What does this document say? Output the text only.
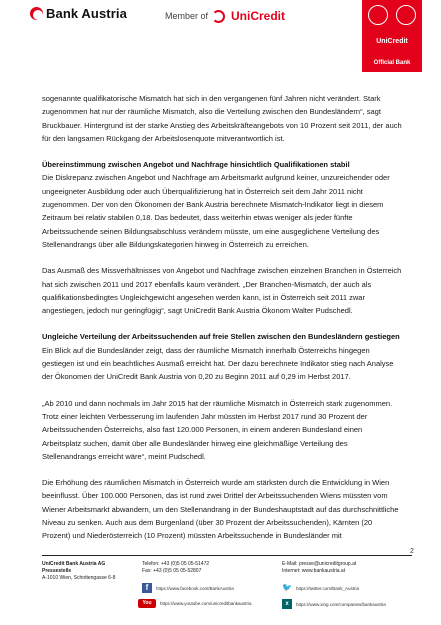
Bank Austria	Member of UniCredit
UniCredit
Official Bank

sogenannte qualifikatorische Mismatch hat sich in den vergangenen fünf Jahren nicht verändert. Stark zugenommen hat nur der räumliche Mismatch, also die Verteilung zwischen den Bundesländern“, sagt Bruckbauer. Hintergrund ist der starke Anstieg des Arbeitskräfteangebots von 10 Prozent seit 2011, der auch für den langsamen Rückgang der Arbeitslosenquote mitverantwortlich ist.

Übereinstimmung zwischen Angebot und Nachfrage hinsichtlich Qualifikationen stabil

Die Diskrepanz zwischen Angebot und Nachfrage am Arbeitsmarkt aufgrund keiner, unzureichender oder ungeeigneter Ausbildung oder auch Überqualifizierung hat in Österreich seit dem Jahr 2011 nicht zugenommen. Der von den Ökonomen der Bank Austria berechnete Mismatch-Indikator liegt in diesem Zeitraum bei relativ stabilen 0,18. Das bedeutet, dass weiterhin etwas weniger als jeder fünfte Arbeitssuchende seinen Bildungsabschluss verändern müsste, um eine ausgeglichene Verteilung des Stellenandrangs über alle Bildungskategorien hinweg in Österreich zu erreichen.

Das Ausmaß des Missverhältnisses von Angebot und Nachfrage zwischen einzelnen Branchen in Österreich hat sich zwischen 2011 und 2017 ebenfalls kaum verändert. „Der Branchen-Mismatch, der auch als qualifikationsbedingtes Ungleichgewicht angesehen werden kann, ist in Österreich seit 2011 zwar angestiegen, jedoch nur geringfügig“, sagt UniCredit Bank Austria Ökonom Walter Pudschedl.

Ungleiche Verteilung der Arbeitssuchenden auf freie Stellen zwischen den Bundesländern gestiegen

Ein Blick auf die Bundesländer zeigt, dass der räumliche Mismatch innerhalb Österreichs hingegen gestiegen ist und ein beachtliches Ausmaß erreicht hat. Der dazu berechnete Indikator stieg nach Analyse der Ökonomen der UniCredit Bank Austria von 0,20 zu Beginn 2011 auf 0,29 im Herbst 2017.

„Ab 2010 und dann nochmals im Jahr 2015 hat der räumliche Mismatch in Österreich stark zugenommen. Trotz einer leichten Verbesserung im laufenden Jahr müssten im Herbst 2017 rund 30 Prozent der Arbeitssuchenden Österreichs, also fast 120.000 Personen, in einem anderen Bundesland einen Arbeitsplatz suchen, damit über alle Bundesländer hinweg eine gleichmäßige Verteilung des Stellenandrangs erreicht wäre“, meint Pudschedl.

Die Erhöhung des räumlichen Mismatch in Österreich wurde am stärksten durch die Entwicklung in Wien beeinflusst. Über 100.000 Personen, das ist rund zwei Drittel der Arbeitssuchenden Wiens müssten vom Wiener Arbeitsmarkt abwandern, um den Stellenandrang in der Bundeshauptstadt auf das durchschnittliche Niveau zu senken. Auch aus dem Burgenland (über 30 Prozent der Arbeitssuchenden), Kärnten (20 Prozent) und Niederösterreich (10 Prozent) müssten Arbeitssuchende in Bundesländer mit

2
UniCredit Bank Austria AG
Pressestelle
A-1010 Wien, Schottengasse 6-8
Telefon: +43 (0)5 05 05-51472
Fax: +43 (0)5 05 05-52807
E-Mail: presse@unicreditgroup.at
Internet: www.bankaustria.at
f	https://www.facebook.com/BankAustria
You	https://www.youtube.com/unicreditbankaustria
🐦 https://twitter.com/Bank_Austria
x	https://www.xing.com/companies/bankaustria
